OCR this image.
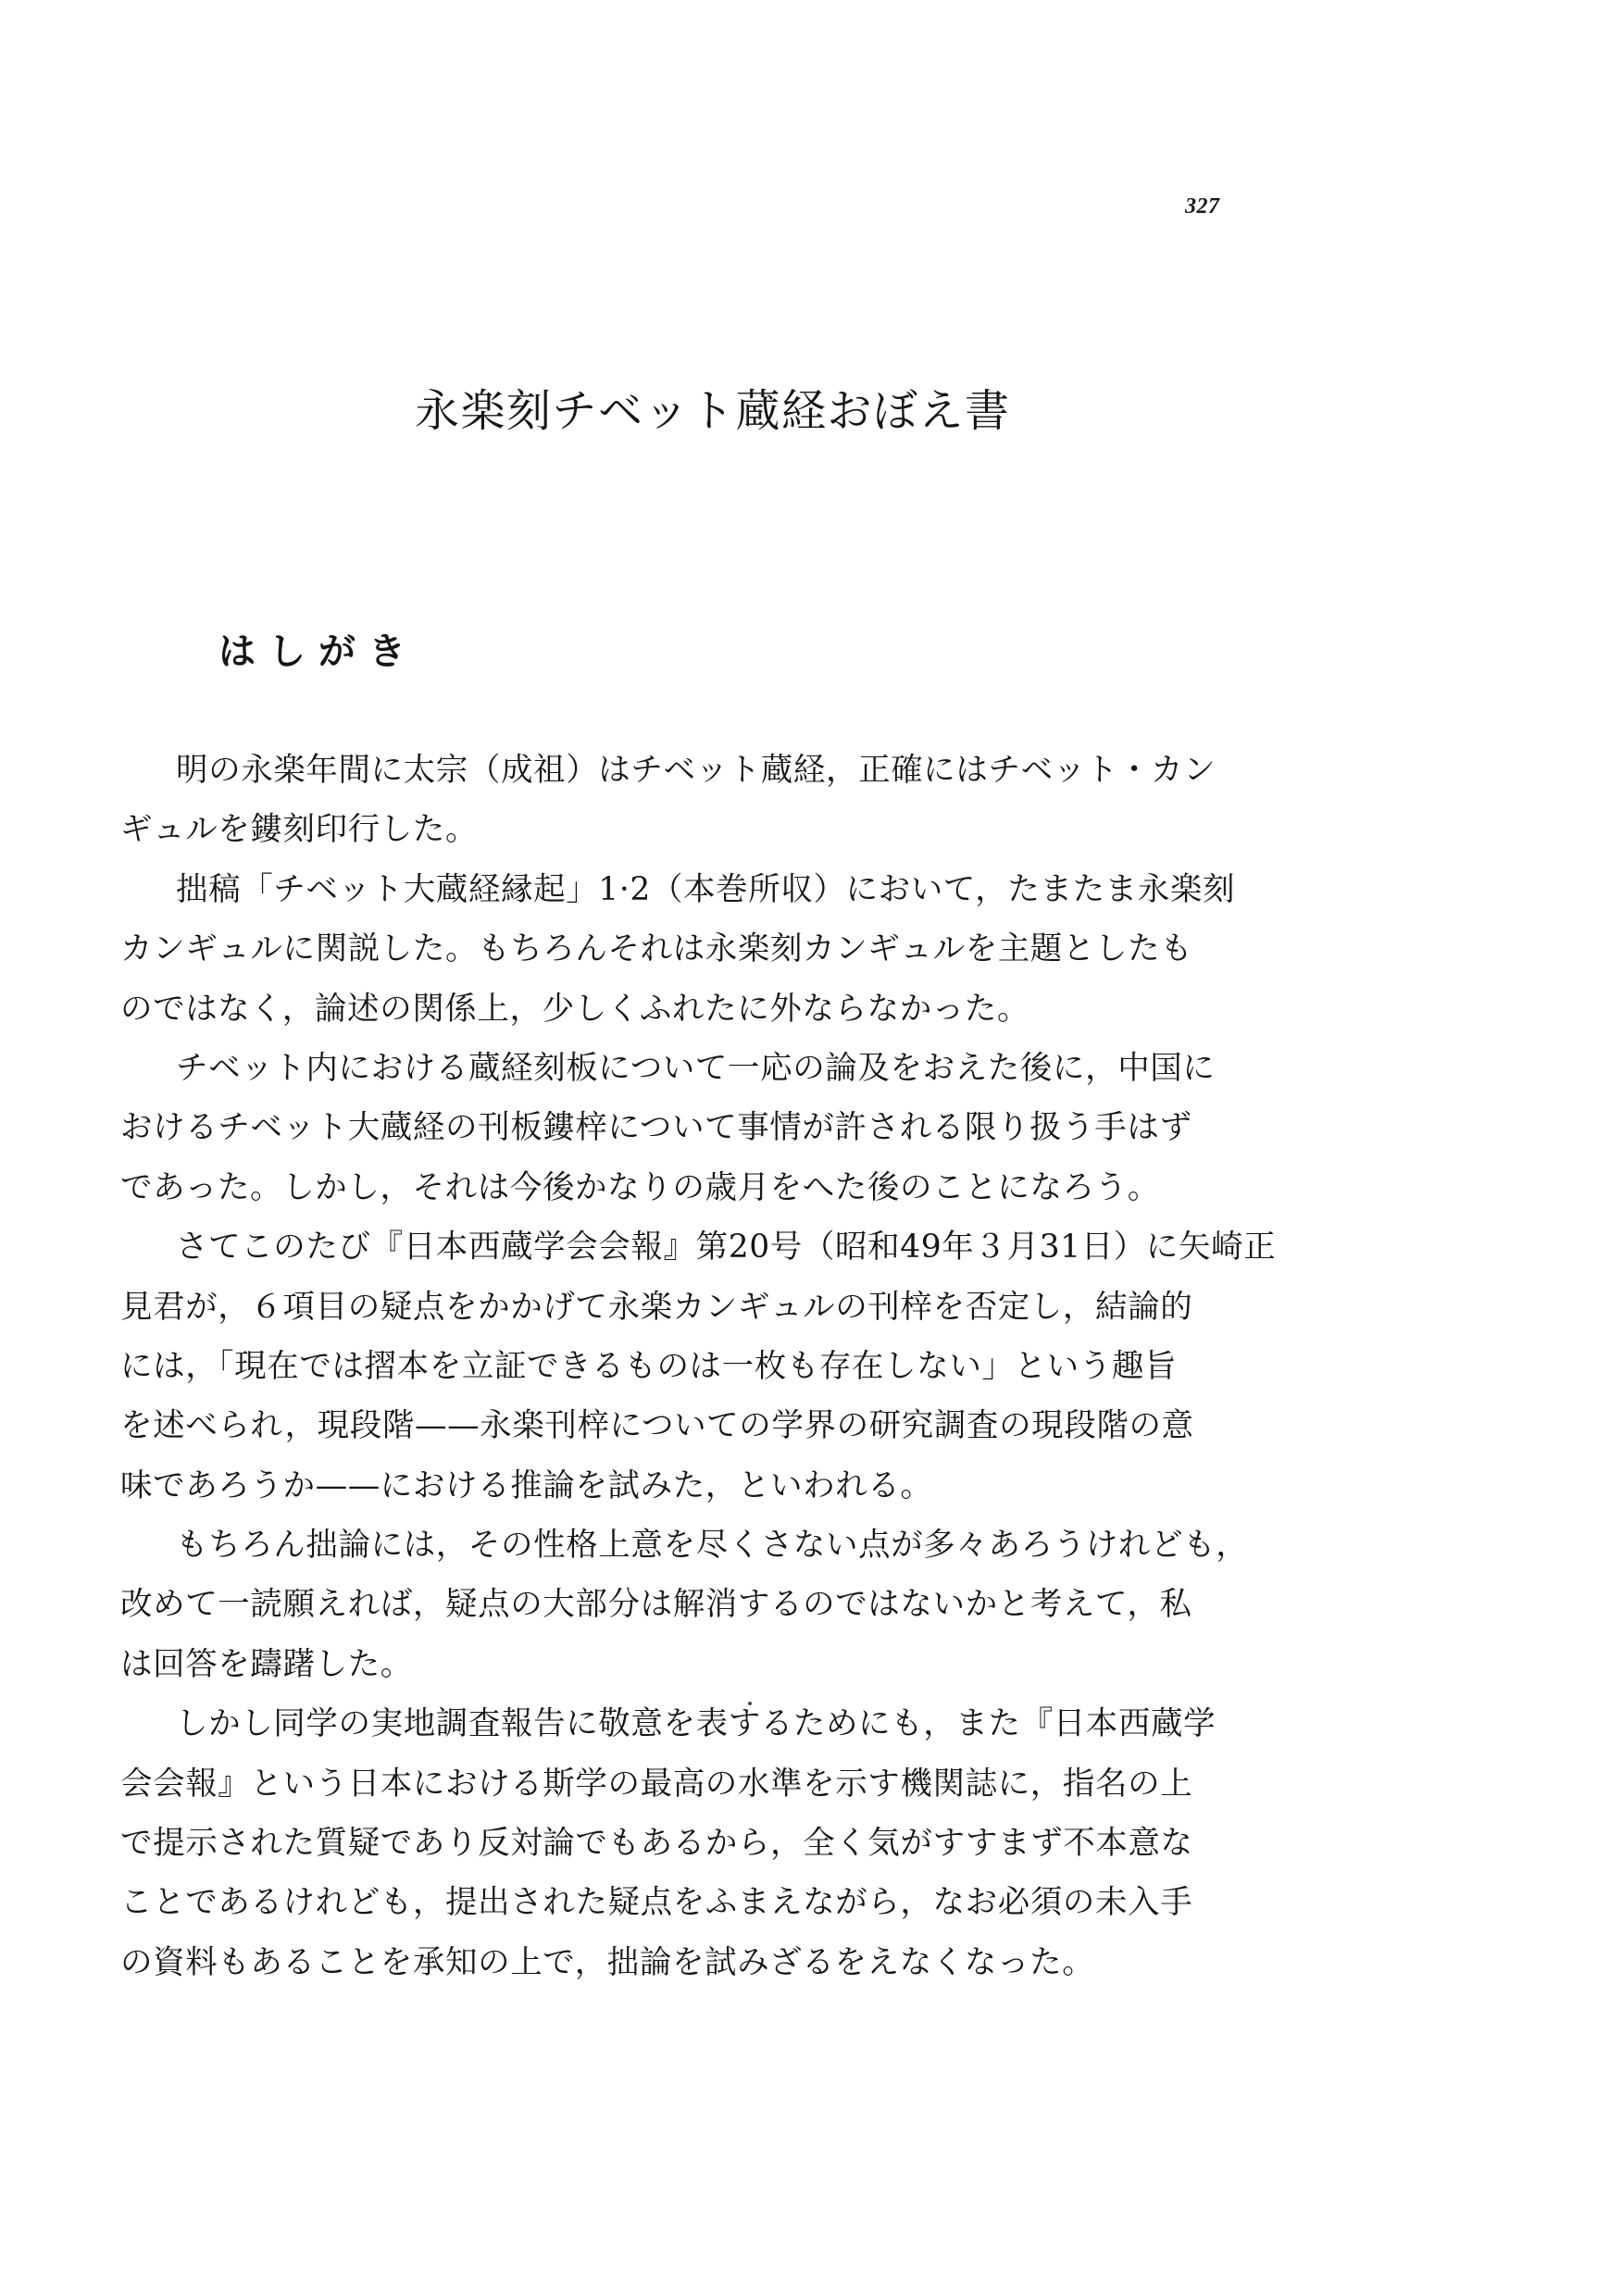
327
永楽刻チベット蔵経おぼえ書
はしがき
明の永楽年間に太宗（成祖）はチベット蔵経，正確にはチベット・カン
ギュルを鏤刻印行した。
拙稿「チベット大蔵経縁起」1·2（本巻所収）において，たまたま永楽刻
カンギュルに関説した。もちろんそれは永楽刻カンギュルを主題としたも
のではなく，論述の関係上，少しくふれたに外ならなかった。
チベット内における蔵経刻板について一応の論及をおえた後に，中国に
おけるチベット大蔵経の刊板鏤梓について事情が許される限り扱う手はず
であった。しかし，それは今後かなりの歳月をへた後のことになろう。
さてこのたび『日本西蔵学会会報』第20号（昭和49年３月31日）に矢崎正
見君が，６項目の疑点をかかげて永楽カンギュルの刊梓を否定し，結論的
には，「現在では摺本を立証できるものは一枚も存在しない」という趣旨
を述べられ，現段階——永楽刊梓についての学界の研究調査の現段階の意
味であろうか——における推論を試みた，といわれる。
もちろん拙論には，その性格上意を尽くさない点が多々あろうけれども，
改めて一読願えれば，疑点の大部分は解消するのではないかと考えて，私
は回答を躊躇した。
しかし同学の実地調査報告に敬意を表するためにも，また『日本西蔵学
会会報』という日本における斯学の最高の水準を示す機関誌に，指名の上
で提示された質疑であり反対論でもあるから，全く気がすすまず不本意な
ことであるけれども，提出された疑点をふまえながら，なお必須の未入手
の資料もあることを承知の上で，拙論を試みざるをえなくなった。
